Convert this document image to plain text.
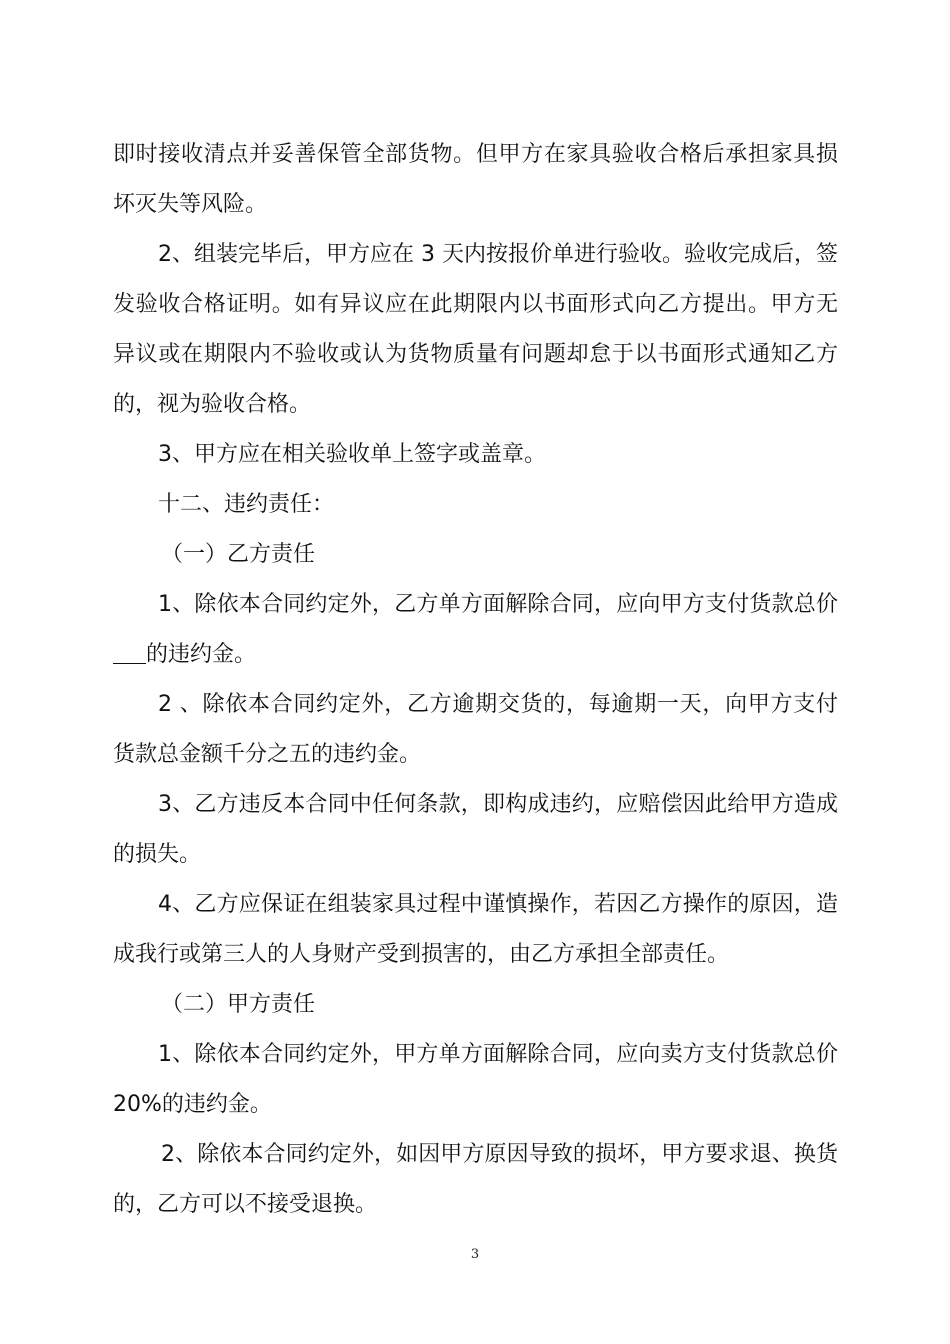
即时接收清点并妥善保管全部货物。但甲方在家具验收合格后承担家具损坏灭失等风险。

2、组装完毕后，甲方应在 3 天内按报价单进行验收。验收完成后，签发验收合格证明。如有异议应在此期限内以书面形式向乙方提出。甲方无异议或在期限内不验收或认为货物质量有问题却怠于以书面形式通知乙方的，视为验收合格。

3、甲方应在相关验收单上签字或盖章。

十二、违约责任：

（一）乙方责任

1、除依本合同约定外，乙方单方面解除合同，应向甲方支付货款总价的违约金。

2 、除依本合同约定外，乙方逾期交货的，每逾期一天，向甲方支付货款总金额千分之五的违约金。

3、乙方违反本合同中任何条款，即构成违约，应赔偿因此给甲方造成的损失。

4、乙方应保证在组装家具过程中谨慎操作，若因乙方操作的原因，造成我行或第三人的人身财产受到损害的，由乙方承担全部责任。

（二）甲方责任

1、除依本合同约定外，甲方单方面解除合同，应向卖方支付货款总价 20%的违约金。

2、除依本合同约定外，如因甲方原因导致的损坏，甲方要求退、换货的，乙方可以不接受退换。

3
